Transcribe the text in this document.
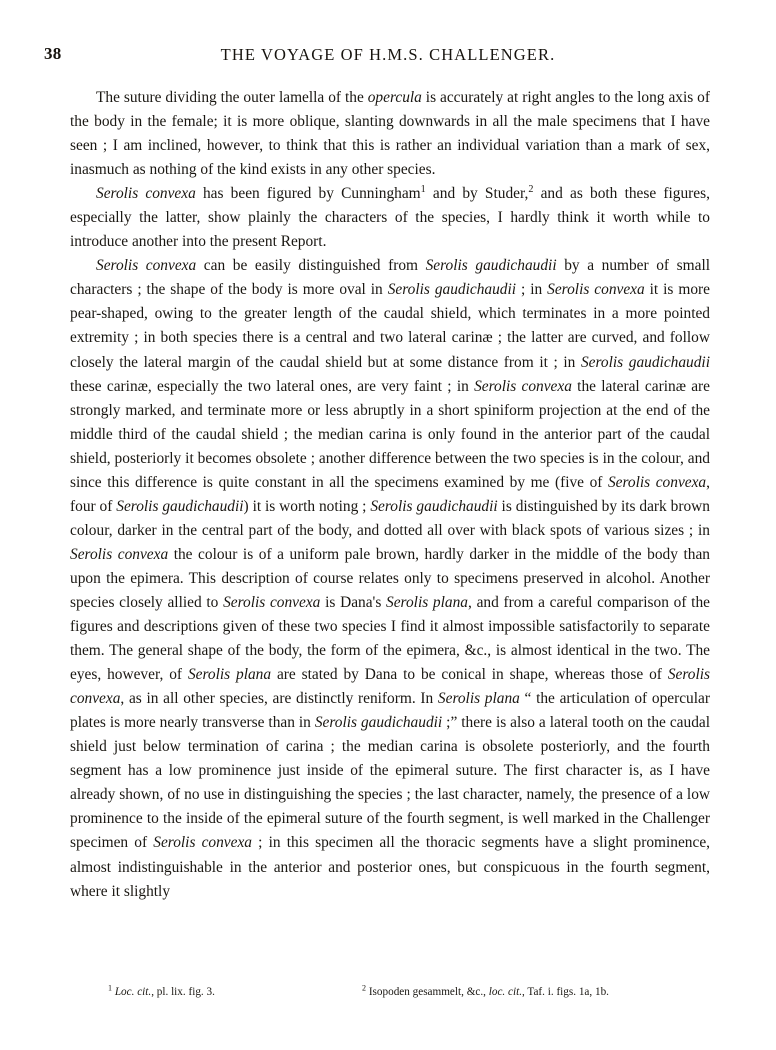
38	THE VOYAGE OF H.M.S. CHALLENGER.

The suture dividing the outer lamella of the opercula is accurately at right angles to the long axis of the body in the female; it is more oblique, slanting downwards in all the male specimens that I have seen ; I am inclined, however, to think that this is rather an individual variation than a mark of sex, inasmuch as nothing of the kind exists in any other species.

Serolis convexa has been figured by Cunningham$^1$ and by Studer,$^2$ and as both these figures, especially the latter, show plainly the characters of the species, I hardly think it worth while to introduce another into the present Report.

Serolis convexa can be easily distinguished from Serolis gaudichaudii by a number of small characters ; the shape of the body is more oval in Serolis gaudichaudii ; in Serolis convexa it is more pear-shaped, owing to the greater length of the caudal shield, which terminates in a more pointed extremity ; in both species there is a central and two lateral carinæ ; the latter are curved, and follow closely the lateral margin of the caudal shield but at some distance from it ; in Serolis gaudichaudii these carinæ, especially the two lateral ones, are very faint ; in Serolis convexa the lateral carinæ are strongly marked, and terminate more or less abruptly in a short spiniform projection at the end of the middle third of the caudal shield ; the median carina is only found in the anterior part of the caudal shield, posteriorly it becomes obsolete ; another difference between the two species is in the colour, and since this difference is quite constant in all the specimens examined by me (five of Serolis convexa, four of Serolis gaudichaudii) it is worth noting ; Serolis gaudichaudii is distinguished by its dark brown colour, darker in the central part of the body, and dotted all over with black spots of various sizes ; in Serolis convexa the colour is of a uniform pale brown, hardly darker in the middle of the body than upon the epimera. This description of course relates only to specimens preserved in alcohol. Another species closely allied to Serolis convexa is Dana's Serolis plana, and from a careful comparison of the figures and descriptions given of these two species I find it almost impossible satisfactorily to separate them. The general shape of the body, the form of the epimera, &c., is almost identical in the two. The eyes, however, of Serolis plana are stated by Dana to be conical in shape, whereas those of Serolis convexa, as in all other species, are distinctly reniform. In Serolis plana “ the articulation of opercular plates is more nearly transverse than in Serolis gaudichaudii ;” there is also a lateral tooth on the caudal shield just below termination of carina ; the median carina is obsolete posteriorly, and the fourth segment has a low prominence just inside of the epimeral suture. The first character is, as I have already shown, of no use in distinguishing the species ; the last character, namely, the presence of a low prominence to the inside of the epimeral suture of the fourth segment, is well marked in the Challenger specimen of Serolis convexa ; in this specimen all the thoracic segments have a slight prominence, almost indistinguishable in the anterior and posterior ones, but conspicuous in the fourth segment, where it slightly

$^1$ Loc. cit., pl. lix. fig. 3.	$^2$ Isopoden gesammelt, &c., loc. cit., Taf. i. figs. 1a, 1b.
